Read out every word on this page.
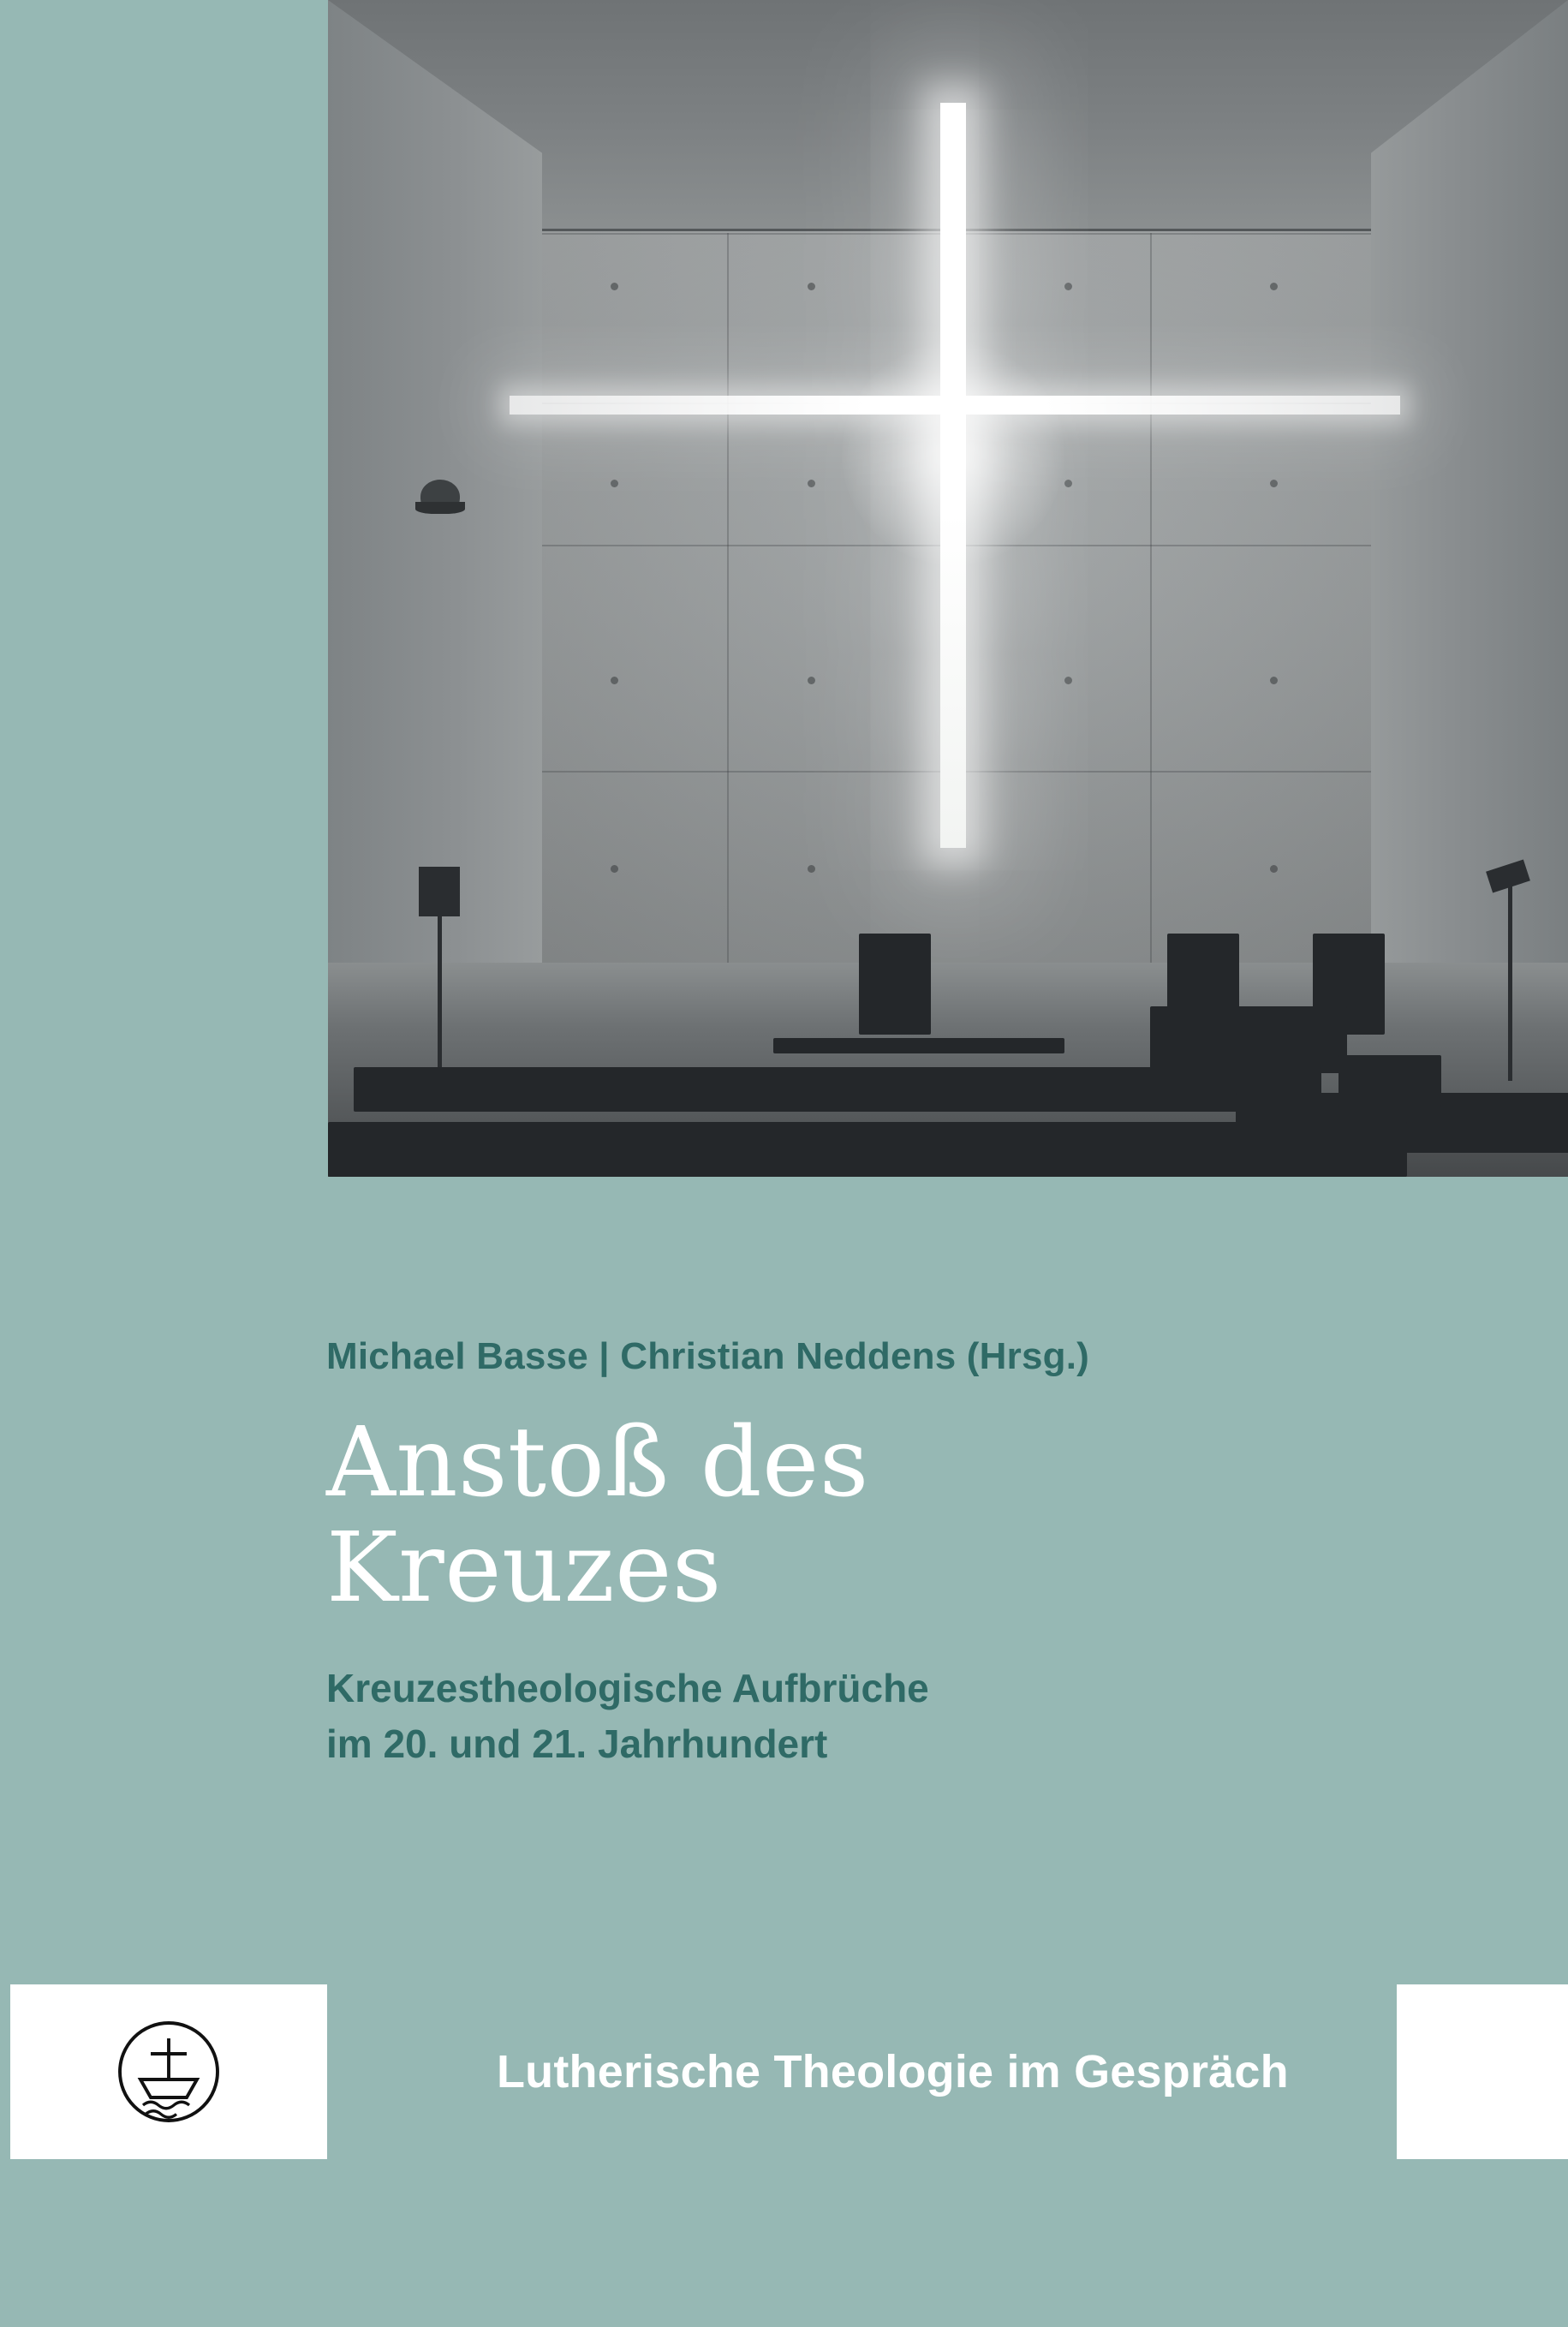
Michael Basse | Christian Neddens (Hrsg.)
Anstoß des Kreuzes
Kreuzestheologische Aufbrüche
im 20. und 21. Jahrhundert
Lutherische Theologie im Gespräch
